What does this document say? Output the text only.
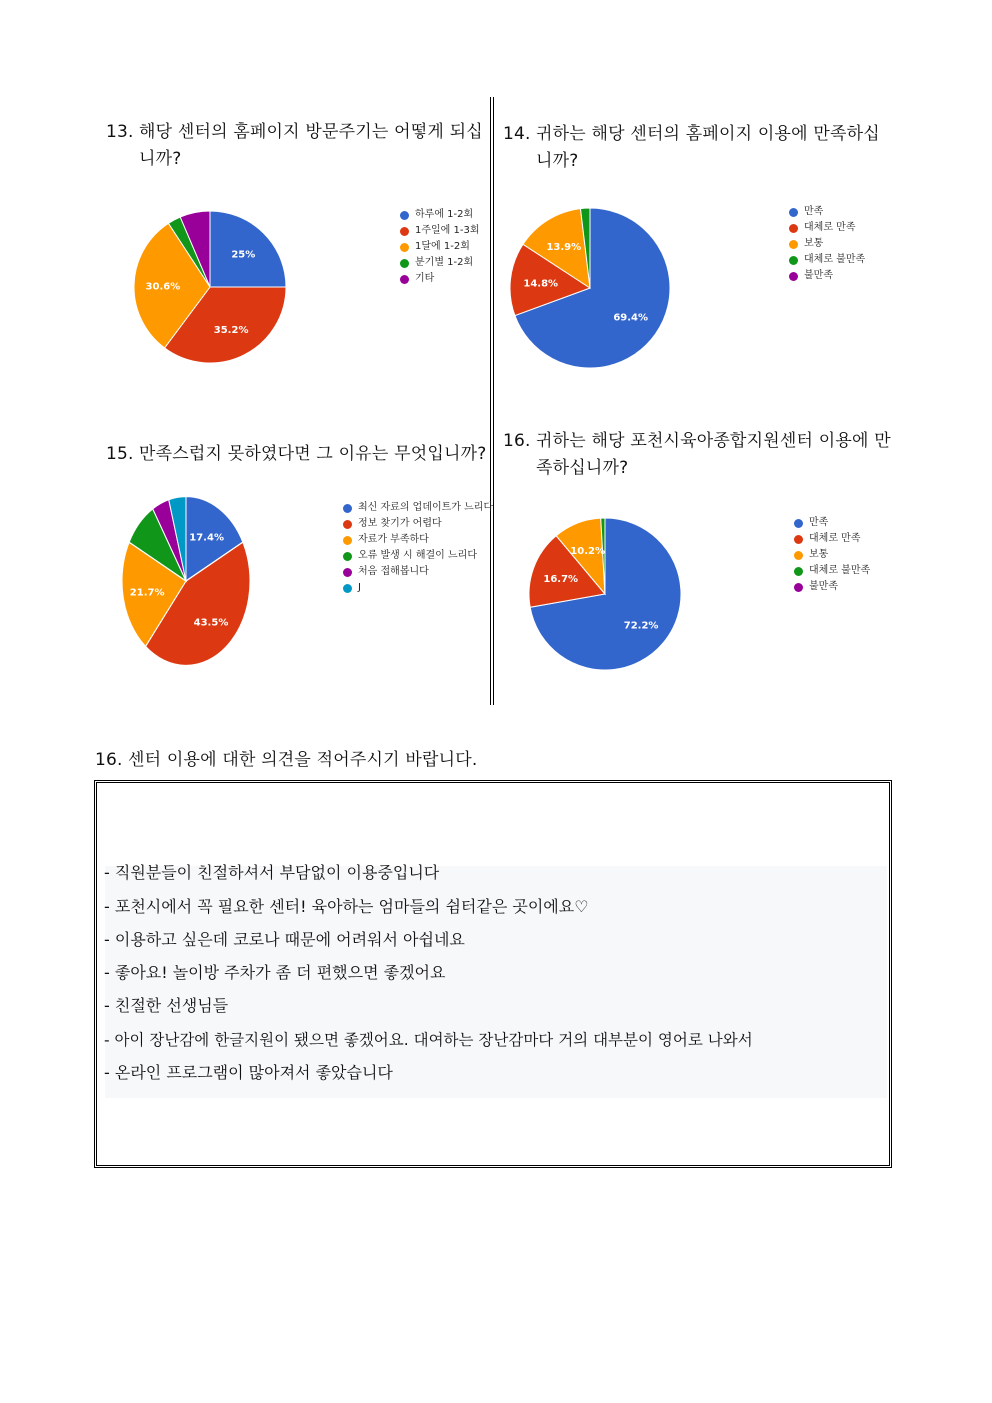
13. 해당 센터의 홈페이지 방문주기는 어떻게 되십
니까?
14. 귀하는 해당 센터의 홈페이지 이용에 만족하십
니까?
15. 만족스럽지 못하였다면 그 이유는 무엇입니까?
16. 귀하는 해당 포천시육아종합지원센터 이용에 만
족하십니까?
25%
35.2%
30.6%
하루에 1-2회
1주일에 1-3회
1달에 1-2회
분기별 1-2회
기타
69.4%
14.8%
13.9%
만족
대체로 만족
보통
대체로 불만족
불만족
17.4%
43.5%
21.7%
최신 자료의 업데이트가 느리다
정보 찾기가 어렵다
자료가 부족하다
오류 발생 시 해결이 느리다
처음 접해봅니다
J
72.2%
16.7%
10.2%
만족
대체로 만족
보통
대체로 불만족
불만족
16. 센터 이용에 대한 의견을 적어주시기 바랍니다.
- 직원분들이 친절하셔서 부담없이 이용중입니다
- 포천시에서 꼭 필요한 센터! 육아하는 엄마들의 쉼터같은 곳이에요♡
- 이용하고 싶은데 코로나 때문에 어려워서 아쉽네요
- 좋아요! 놀이방 주차가 좀 더 편했으면 좋겠어요
- 친절한 선생님들
- 아이 장난감에 한글지원이 됐으면 좋겠어요. 대여하는 장난감마다 거의 대부분이 영어로 나와서
- 온라인 프로그램이 많아져서 좋았습니다
